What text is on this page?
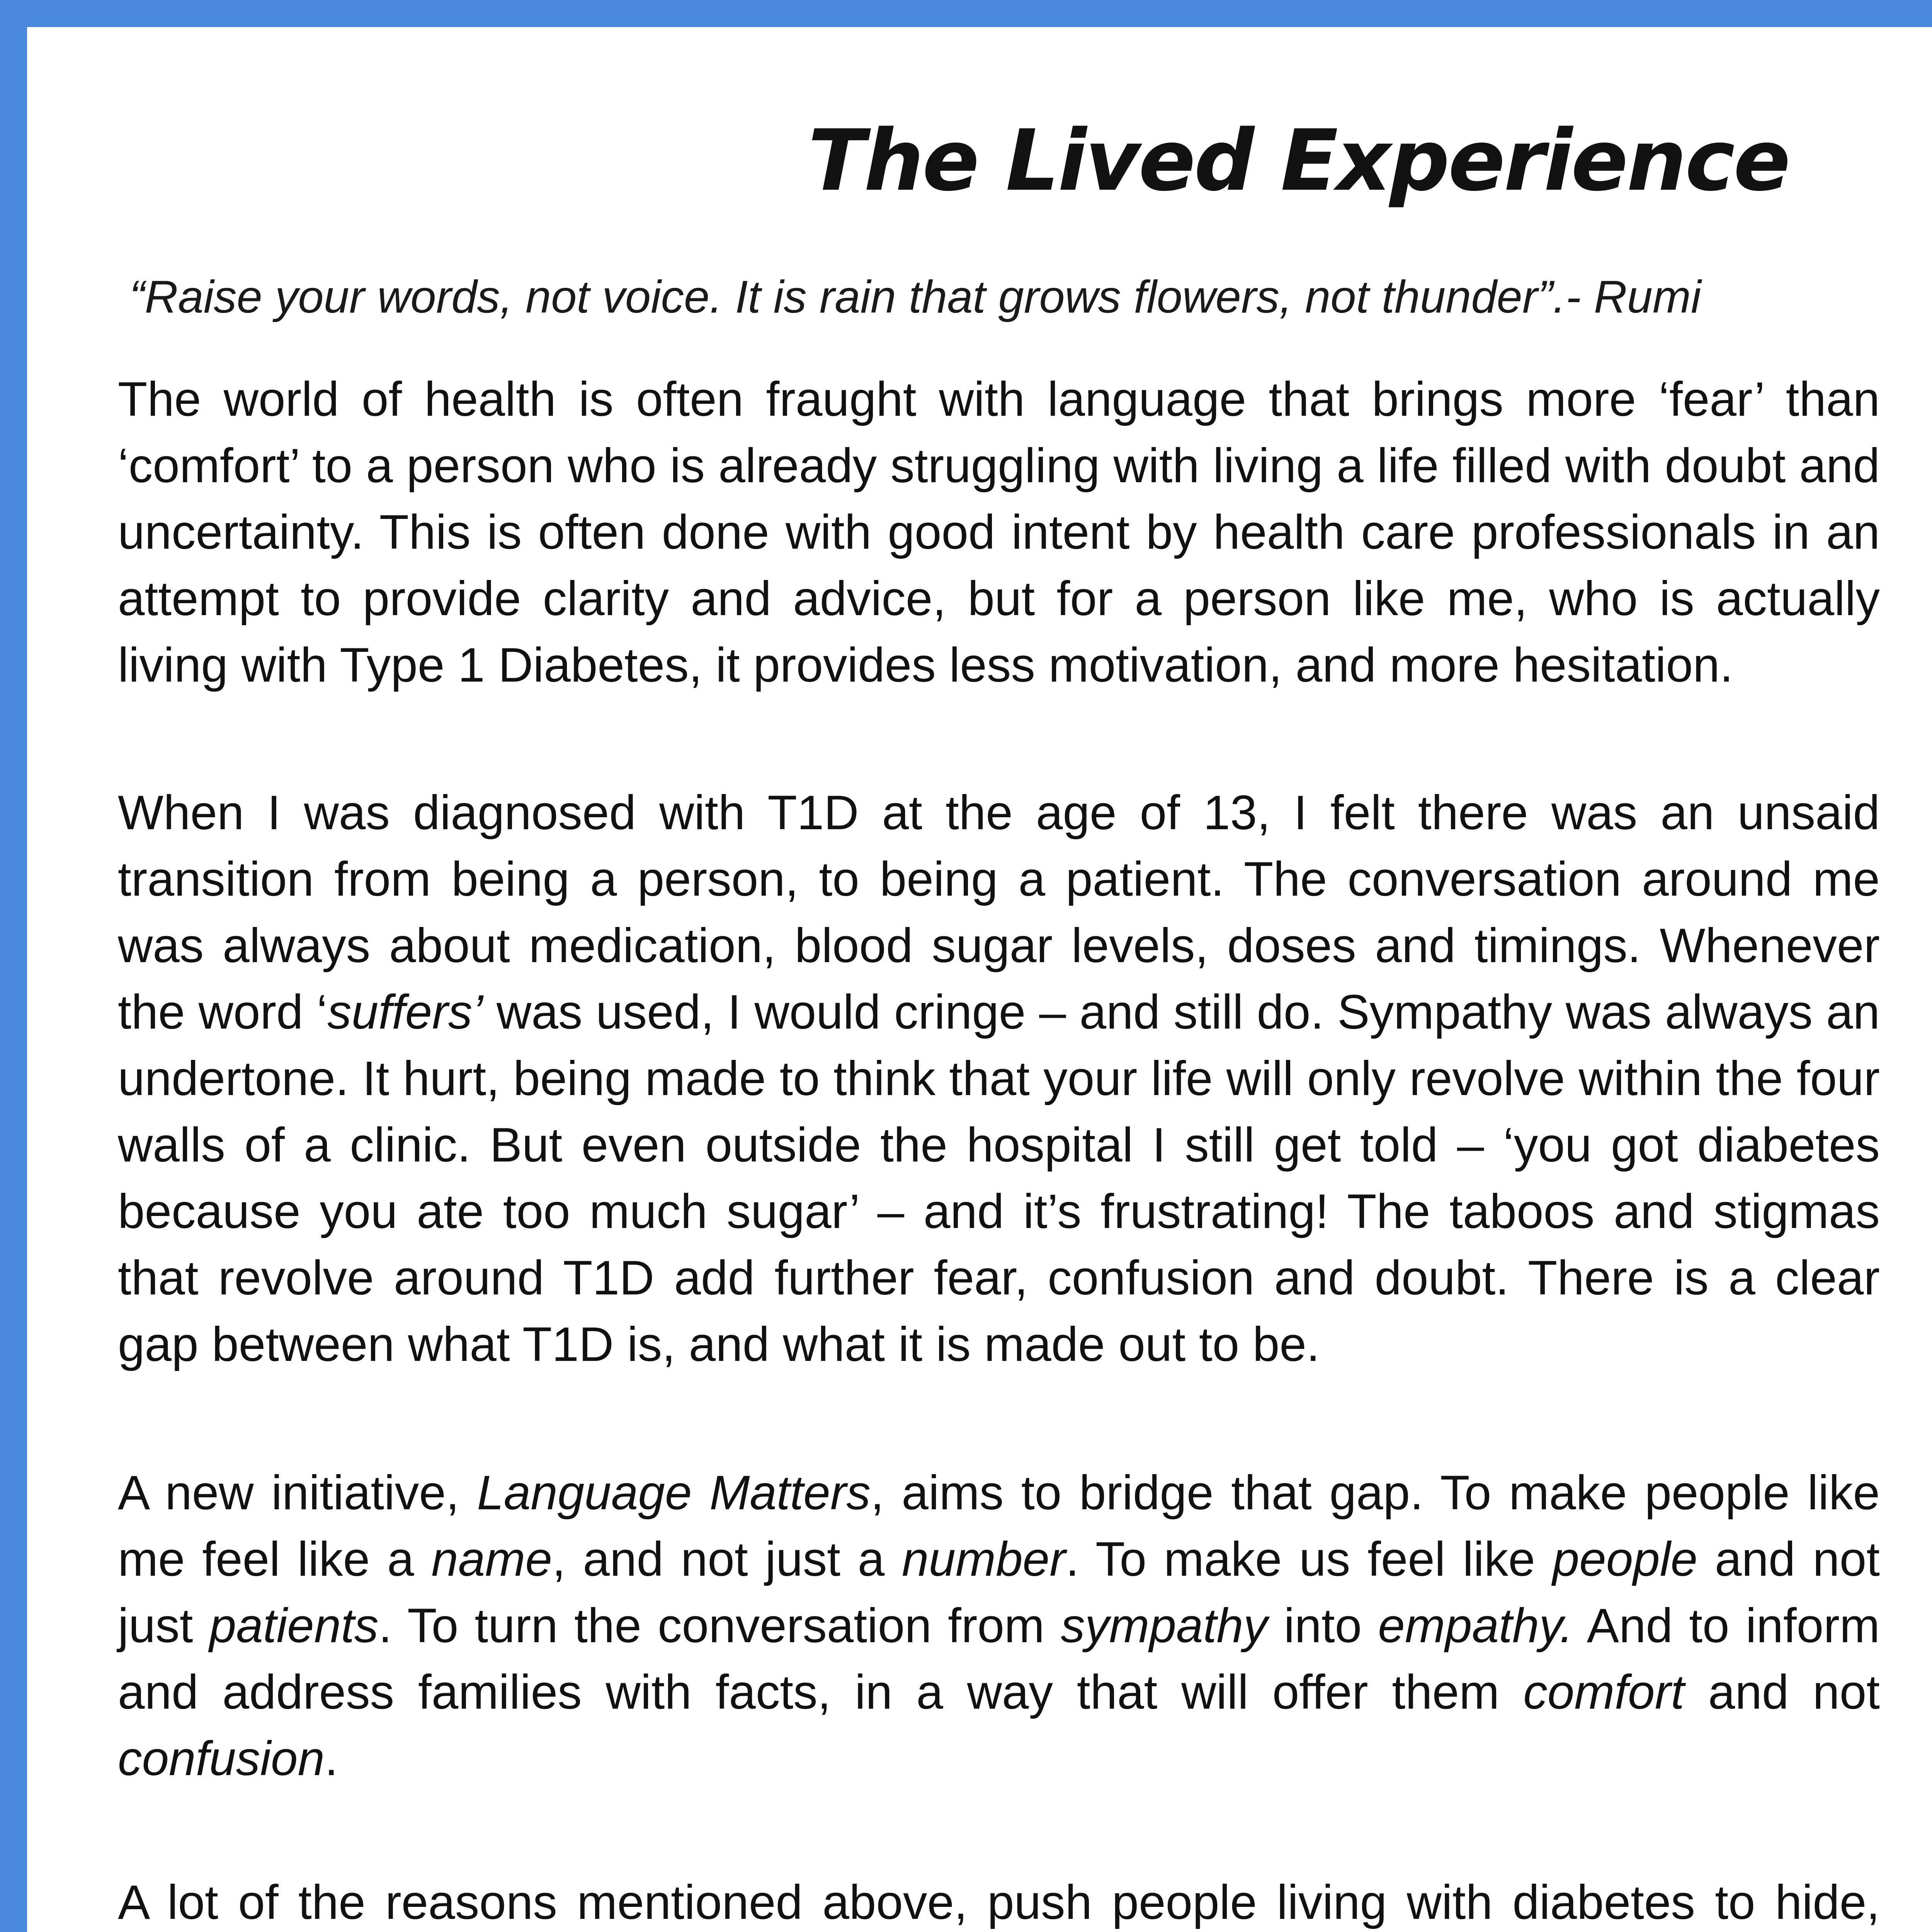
The Lived Experience
“Raise your words, not voice. It is rain that grows flowers, not thunder”.- Rumi

The world of health is often fraught with language that brings more ‘fear’ than ‘comfort’ to a person who is already struggling with living a life filled with doubt and uncertainty. This is often done with good intent by health care professionals in an attempt to provide clarity and advice, but for a person like me, who is actually living with Type 1 Diabetes, it provides less motivation, and more hesitation.

When I was diagnosed with T1D at the age of 13, I felt there was an unsaid transition from being a person, to being a patient. The conversation around me was always about medication, blood sugar levels, doses and timings. Whenever the word ‘suffers’ was used, I would cringe – and still do. Sympathy was always an undertone. It hurt, being made to think that your life will only revolve within the four walls of a clinic. But even outside the hospital I still get told – ‘you got diabetes because you ate too much sugar’ – and it’s frustrating! The taboos and stigmas that revolve around T1D add further fear, confusion and doubt. There is a clear gap between what T1D is, and what it is made out to be.

A new initiative, Language Matters, aims to bridge that gap. To make people like me feel like a name, and not just a number. To make us feel like people and not just patients. To turn the conversation from sympathy into empathy. And to inform and address families with facts, in a way that will offer them comfort and not confusion.

A lot of the reasons mentioned above, push people living with diabetes to hide,
